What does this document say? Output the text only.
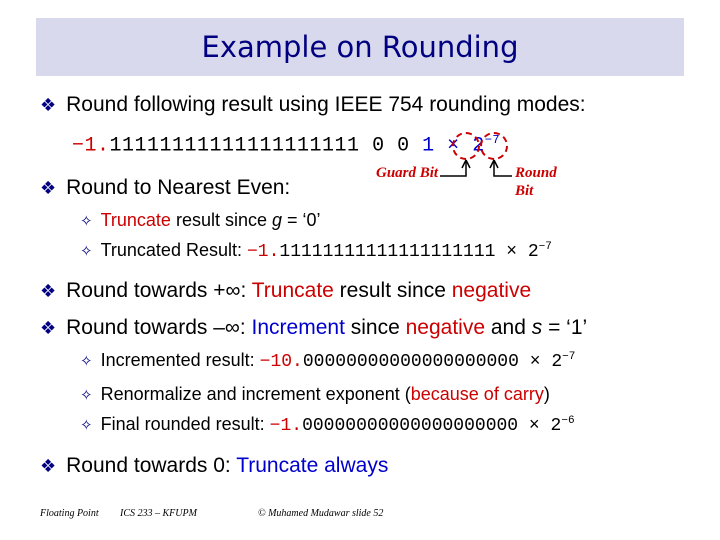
Example on Rounding
❖ Round following result using IEEE 754 rounding modes:
−1.11111111111111111111 0 0 $1 \times 2^{-7}$
Guard Bit	Round
Bit
❖ Round to Nearest Even:
✧ Truncate result since g = ‘0’
✧ Truncated Result: $-1.11111111111111111111 \times 2^{-7}$
❖ Round towards +∞: Truncate result since negative
❖ Round towards –∞: Increment since negative and s = ‘1’
✧ Incremented result: $-10.00000000000000000000 \times 2^{-7}$
✧ Renormalize and increment exponent (because of carry)
✧ Final rounded result: $-1.00000000000000000000 \times 2^{-6}$
❖ Round towards 0: Truncate always
Floating Point ICS 233 – KFUPM	© Muhamed Mudawar slide 52
